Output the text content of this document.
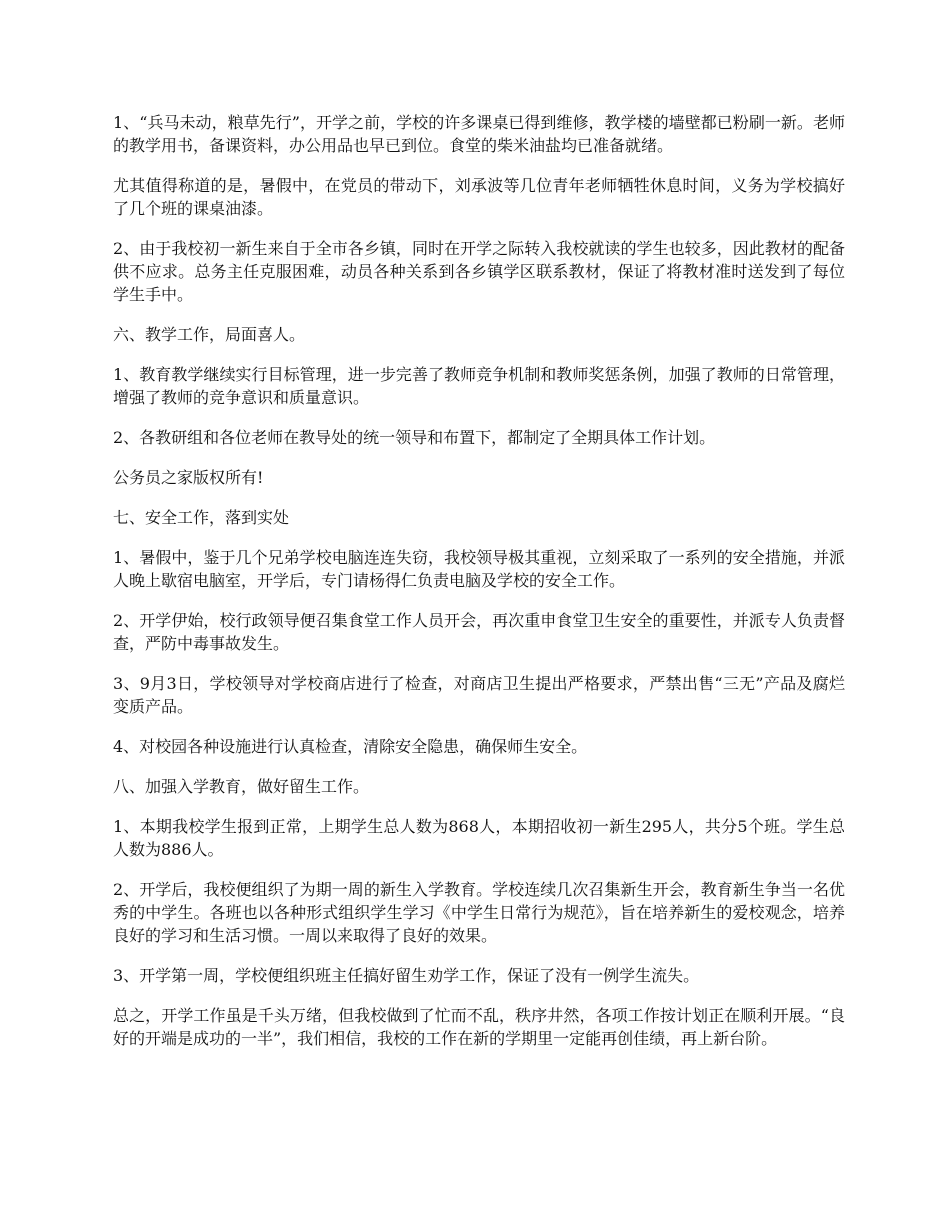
1、“兵马未动，粮草先行”，开学之前，学校的许多课桌已得到维修，教学楼的墙壁都已粉刷一新。老师的教学用书，备课资料，办公用品也早已到位。食堂的柴米油盐均已准备就绪。

尤其值得称道的是，暑假中，在党员的带动下，刘承波等几位青年老师牺牲休息时间，义务为学校搞好了几个班的课桌油漆。

2、由于我校初一新生来自于全市各乡镇，同时在开学之际转入我校就读的学生也较多，因此教材的配备供不应求。总务主任克服困难，动员各种关系到各乡镇学区联系教材，保证了将教材准时送发到了每位学生手中。

六、教学工作，局面喜人。

1、教育教学继续实行目标管理，进一步完善了教师竞争机制和教师奖惩条例，加强了教师的日常管理，增强了教师的竞争意识和质量意识。

2、各教研组和各位老师在教导处的统一领导和布置下，都制定了全期具体工作计划。

公务员之家版权所有!

七、安全工作，落到实处

1、暑假中，鉴于几个兄弟学校电脑连连失窃，我校领导极其重视，立刻采取了一系列的安全措施，并派人晚上歇宿电脑室，开学后，专门请杨得仁负责电脑及学校的安全工作。

2、开学伊始，校行政领导便召集食堂工作人员开会，再次重申食堂卫生安全的重要性，并派专人负责督查，严防中毒事故发生。

3、9月3日，学校领导对学校商店进行了检查，对商店卫生提出严格要求，严禁出售“三无”产品及腐烂变质产品。

4、对校园各种设施进行认真检查，清除安全隐患，确保师生安全。

八、加强入学教育，做好留生工作。

1、本期我校学生报到正常，上期学生总人数为868人，本期招收初一新生295人，共分5个班。学生总人数为886人。

2、开学后，我校便组织了为期一周的新生入学教育。学校连续几次召集新生开会，教育新生争当一名优秀的中学生。各班也以各种形式组织学生学习《中学生日常行为规范》，旨在培养新生的爱校观念，培养良好的学习和生活习惯。一周以来取得了良好的效果。

3、开学第一周，学校便组织班主任搞好留生劝学工作，保证了没有一例学生流失。

总之，开学工作虽是千头万绪，但我校做到了忙而不乱，秩序井然，各项工作按计划正在顺利开展。“良好的开端是成功的一半”，我们相信，我校的工作在新的学期里一定能再创佳绩，再上新台阶。
